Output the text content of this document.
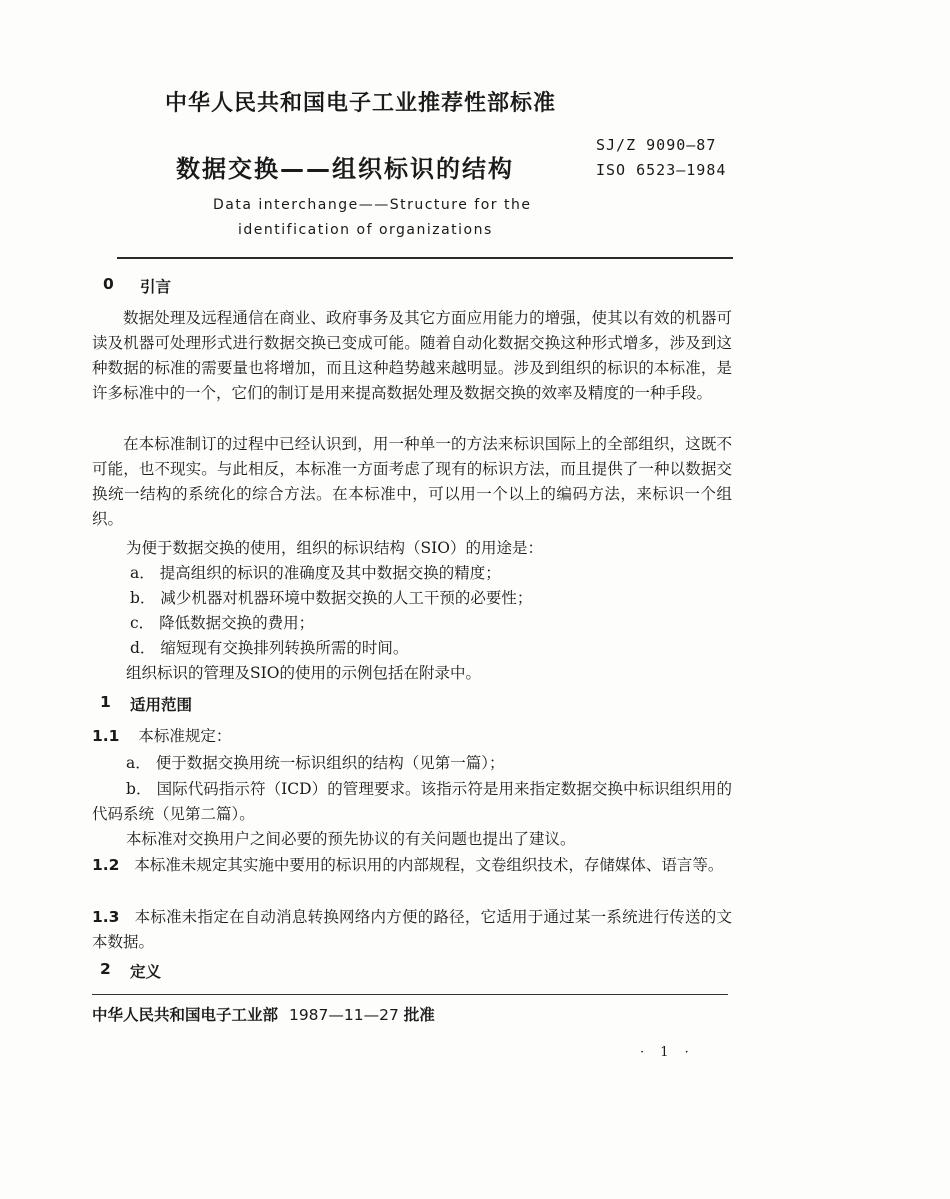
中华人民共和国电子工业推荐性部标准
数据交换——组织标识的结构
SJ/Z 9090—87
ISO 6523—1984
Data interchange——Structure for the
identification of organizations
0 引言
数据处理及远程通信在商业、政府事务及其它方面应用能力的增强，使其以有效的机器可读及机器可处理形式进行数据交换已变成可能。随着自动化数据交换这种形式增多，涉及到这种数据的标准的需要量也将增加，而且这种趋势越来越明显。涉及到组织的标识的本标准，是许多标准中的一个，它们的制订是用来提高数据处理及数据交换的效率及精度的一种手段。
在本标准制订的过程中已经认识到，用一种单一的方法来标识国际上的全部组织，这既不可能，也不现实。与此相反，本标准一方面考虑了现有的标识方法，而且提供了一种以数据交换统一结构的系统化的综合方法。在本标准中，可以用一个以上的编码方法，来标识一个组织。
为便于数据交换的使用，组织的标识结构（SIO）的用途是：
a． 提高组织的标识的准确度及其中数据交换的精度；
b． 减少机器对机器环境中数据交换的人工干预的必要性；
c． 降低数据交换的费用；
d． 缩短现有交换排列转换所需的时间。
组织标识的管理及SIO的使用的示例包括在附录中。
1 适用范围
1.1 本标准规定：
a． 便于数据交换用统一标识组织的结构（见第一篇）；
b． 国际代码指示符（ICD）的管理要求。该指示符是用来指定数据交换中标识组织用的代码系统（见第二篇）。
本标准对交换用户之间必要的预先协议的有关问题也提出了建议。
1.2 本标准未规定其实施中要用的标识用的内部规程，文卷组织技术，存储媒体、语言等。
1.3 本标准未指定在自动消息转换网络内方便的路径，它适用于通过某一系统进行传送的文本数据。
2 定义
中华人民共和国电子工业部 1987—11—27 批准
· 1 ·
